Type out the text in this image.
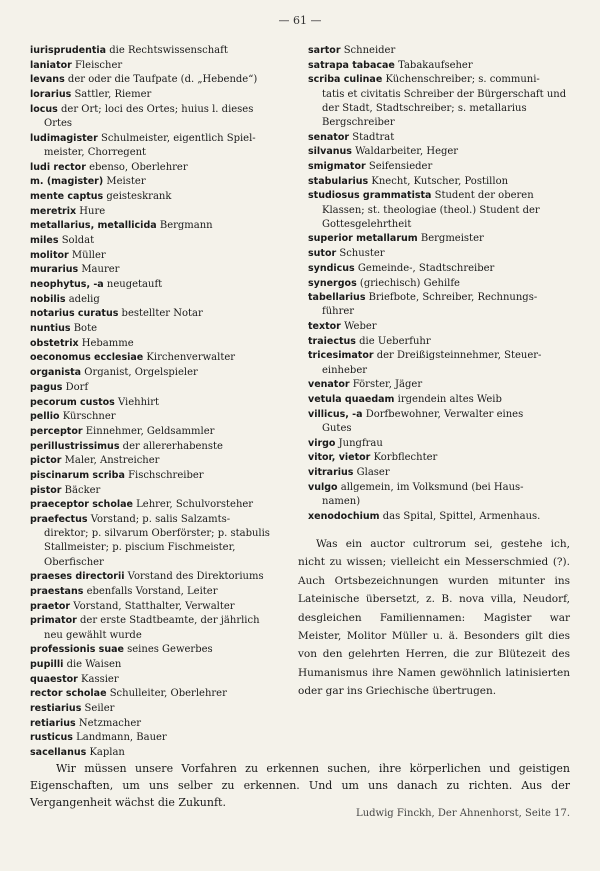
— 61 —
iurisprudentia die Rechtswissenschaft
laniator Fleischer
levans der oder die Taufpate (d. „Hebende“)
lorarius Sattler, Riemer
locus der Ort; loci des Ortes; huius l. dieses
Ortes
ludimagister Schulmeister, eigentlich Spiel-
meister, Chorregent
ludi rector ebenso, Oberlehrer
m. (magister) Meister
mente captus geisteskrank
meretrix Hure
metallarius, metallicida Bergmann
miles Soldat
molitor Müller
murarius Maurer
neophytus, -a neugetauft
nobilis adelig
notarius curatus bestellter Notar
nuntius Bote
obstetrix Hebamme
oeconomus ecclesiae Kirchenverwalter
organista Organist, Orgelspieler
pagus Dorf
pecorum custos Viehhirt
pellio Kürschner
perceptor Einnehmer, Geldsammler
perillustrissimus der allererhabenste
pictor Maler, Anstreicher
piscinarum scriba Fischschreiber
pistor Bäcker
praeceptor scholae Lehrer, Schulvorsteher
praefectus Vorstand; p. salis Salzamts-
direktor; p. silvarum Oberförster; p. stabulis Stallmeister; p. piscium Fischmeister, Oberfischer
praeses directorii Vorstand des Direktoriums
praestans ebenfalls Vorstand, Leiter
praetor Vorstand, Statthalter, Verwalter
primator der erste Stadtbeamte, der jährlich
neu gewählt wurde
professionis suae seines Gewerbes
pupilli die Waisen
quaestor Kassier
rector scholae Schulleiter, Oberlehrer
restiarius Seiler
retiarius Netzmacher
rusticus Landmann, Bauer
sacellanus Kaplan
sartor Schneider
satrapa tabacae Tabakaufseher
scriba culinae Küchenschreiber; s. communi-
tatis et civitatis Schreiber der Bürgerschaft und der Stadt, Stadtschreiber; s. metallarius Bergschreiber
senator Stadtrat
silvanus Waldarbeiter, Heger
smigmator Seifensieder
stabularius Knecht, Kutscher, Postillon
studiosus grammatista Student der oberen
Klassen; st. theologiae (theol.) Student der Gottesgelehrtheit
superior metallarum Bergmeister
sutor Schuster
syndicus Gemeinde-, Stadtschreiber
synergos (griechisch) Gehilfe
tabellarius Briefbote, Schreiber, Rechnungs-
führer
textor Weber
traiectus die Ueberfuhr
tricesimator der Dreißigsteinnehmer, Steuer-
einheber
venator Förster, Jäger
vetula quaedam irgendein altes Weib
villicus, -a Dorfbewohner, Verwalter eines
Gutes
virgo Jungfrau
vitor, vietor Korbflechter
vitrarius Glaser
vulgo allgemein, im Volksmund (bei Haus-
namen)
xenodochium das Spital, Spittel, Armenhaus.
Was ein auctor cultrorum sei, gestehe ich, nicht zu wissen; vielleicht ein Messerschmied (?). Auch Ortsbezeichnungen wurden mitunter ins Lateinische übersetzt, z. B. nova villa, Neudorf, desgleichen Familiennamen: Magister war Meister, Molitor Müller u. ä. Besonders gilt dies von den gelehrten Herren, die zur Blütezeit des Humanismus ihre Namen gewöhnlich latinisierten oder gar ins Griechische übertrugen.
Wir müssen unsere Vorfahren zu erkennen suchen, ihre körperlichen und geistigen Eigenschaften, um uns selber zu erkennen. Und um uns danach zu richten. Aus der Vergangenheit wächst die Zukunft.
Ludwig Finckh, Der Ahnenhorst, Seite 17.
